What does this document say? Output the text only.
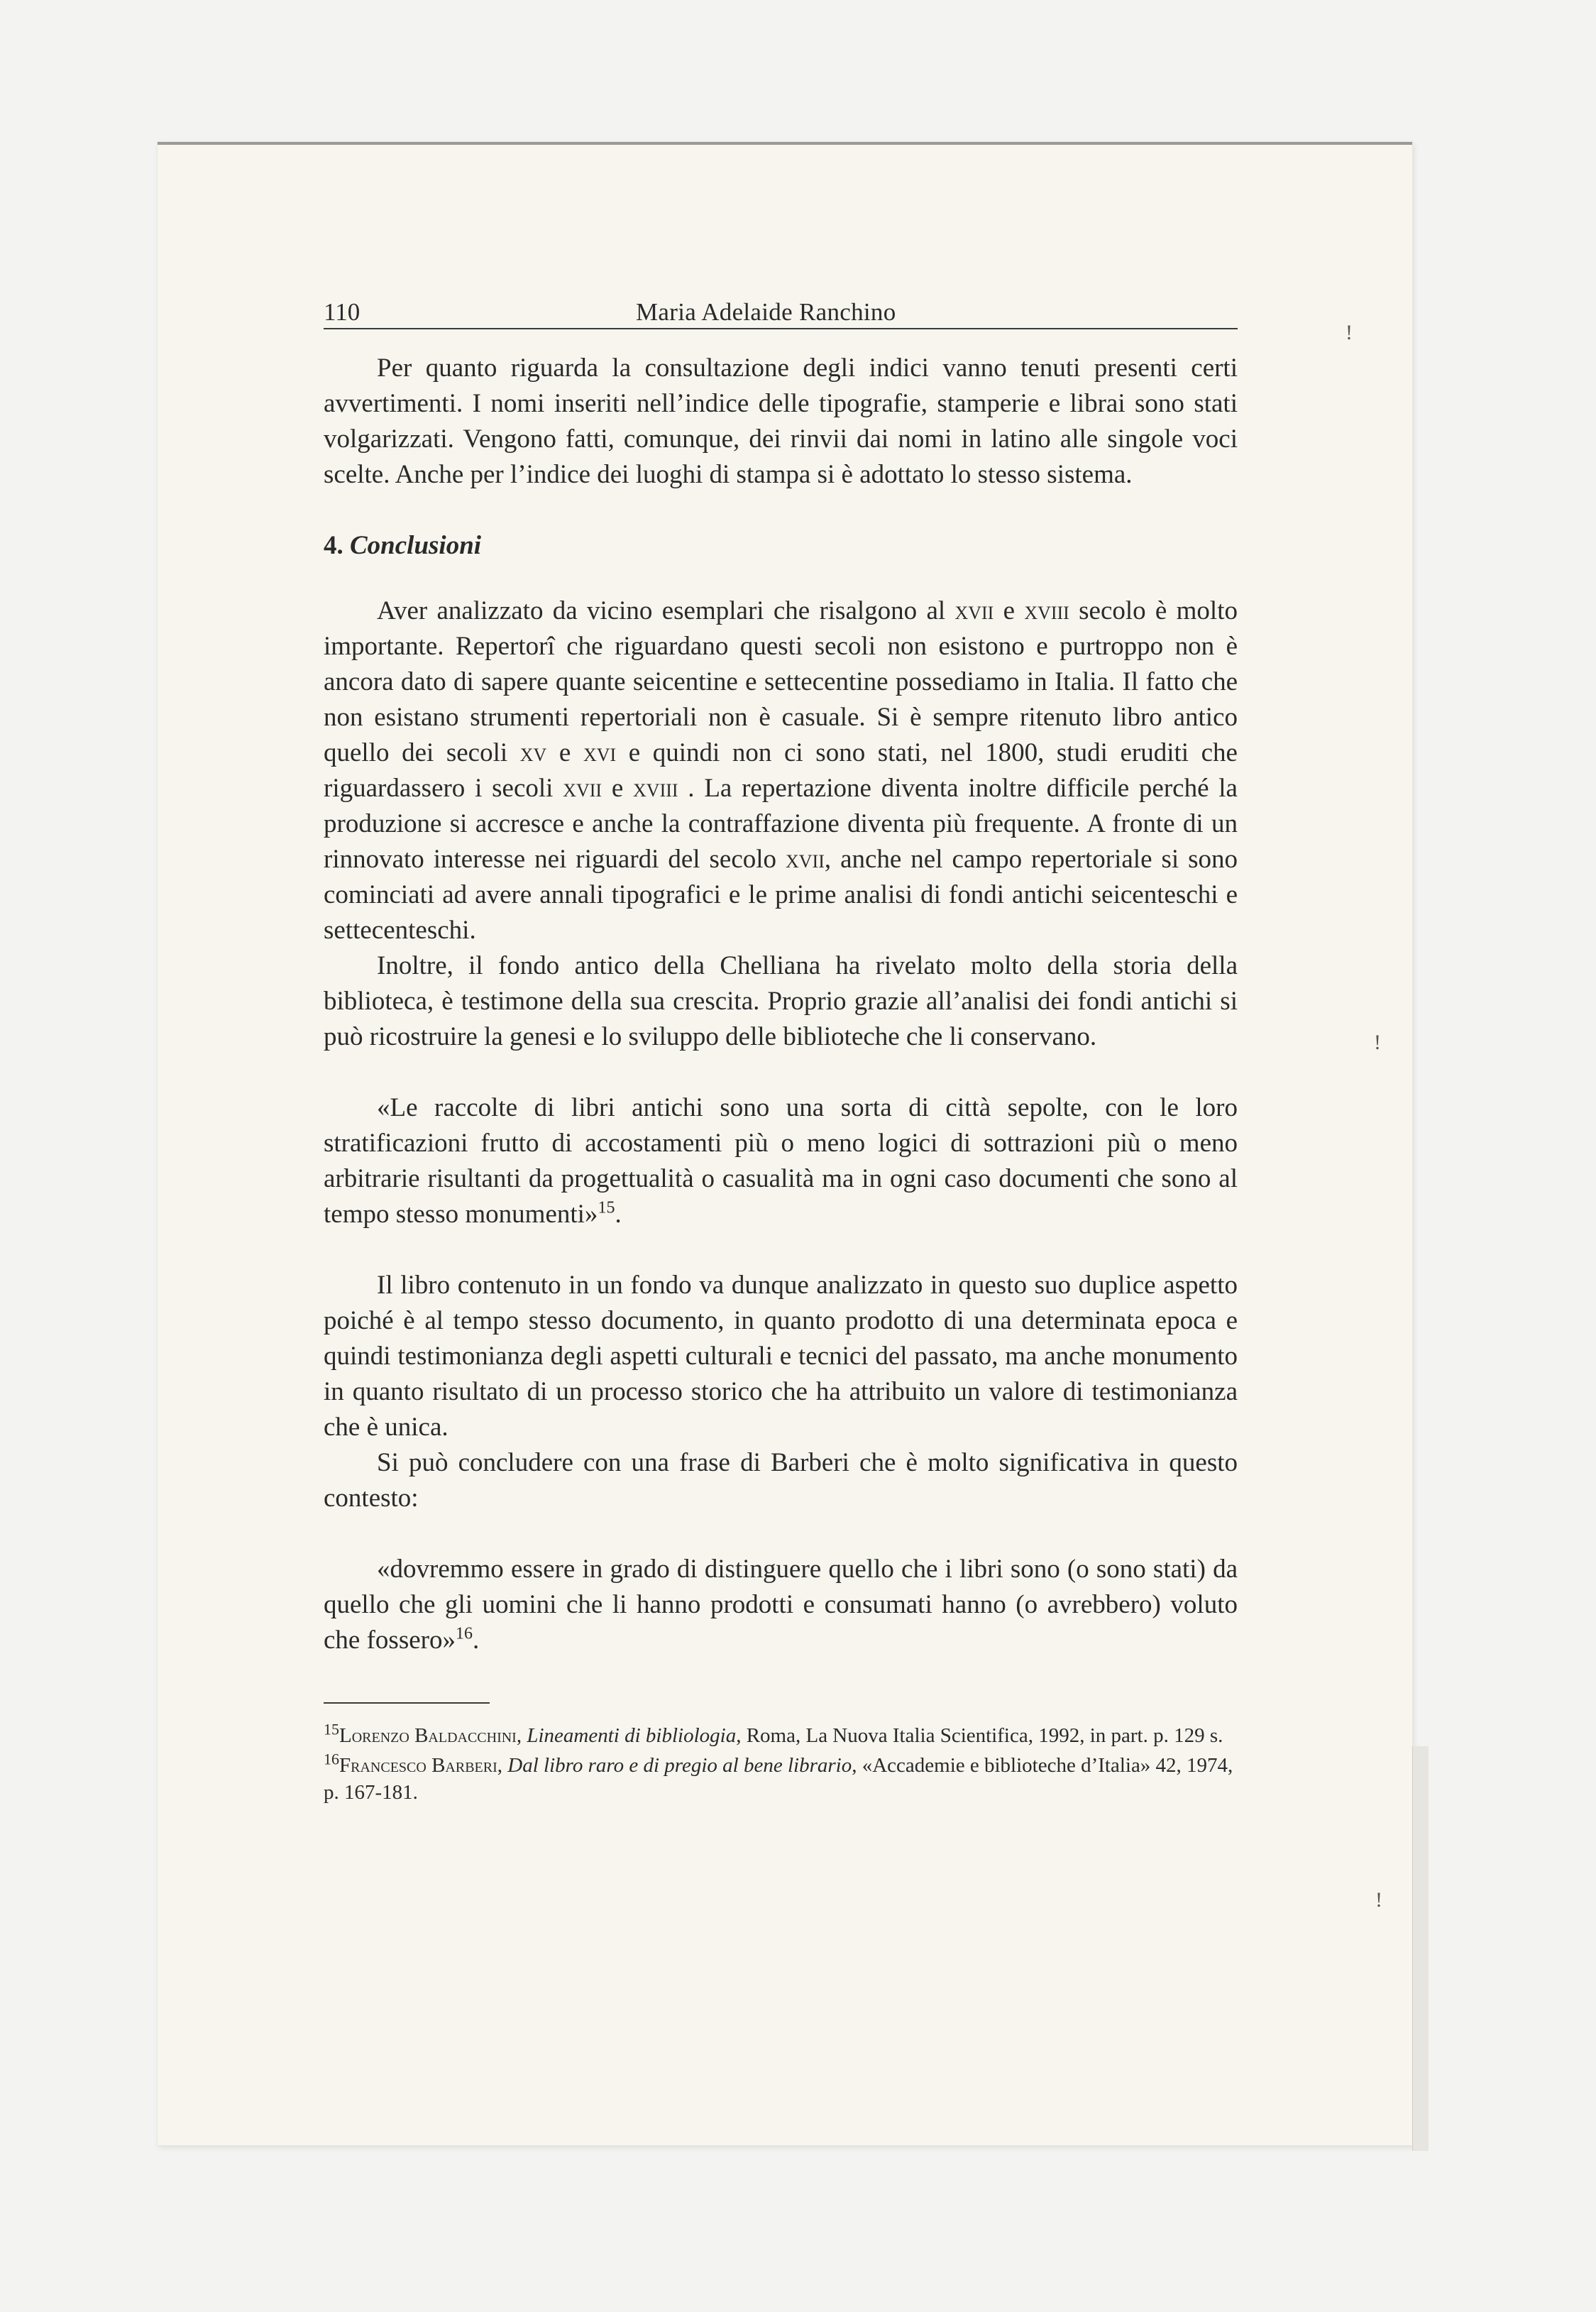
!
!
!
110	Maria Adelaide Ranchino

Per quanto riguarda la consultazione degli indici vanno tenuti presenti certi avvertimenti. I nomi inseriti nell’indice delle tipografie, stamperie e librai sono stati volgarizzati. Vengono fatti, comunque, dei rinvii dai nomi in latino alle singole voci scelte. Anche per l’indice dei luoghi di stampa si è adottato lo stesso sistema.

4. Conclusioni

Aver analizzato da vicino esemplari che risalgono al xvii e xviii secolo è molto importante. Repertorî che riguardano questi secoli non esistono e purtroppo non è ancora dato di sapere quante seicentine e settecentine possediamo in Italia. Il fatto che non esistano strumenti repertoriali non è casuale. Si è sempre ritenuto libro antico quello dei secoli xv e xvi e quindi non ci sono stati, nel 1800, studi eruditi che riguardassero i secoli xvii e xviii . La repertazione diventa inoltre difficile perché la produzione si accresce e anche la contraffazione diventa più frequente. A fronte di un rinnovato interesse nei riguardi del secolo xvii, anche nel campo repertoriale si sono cominciati ad avere annali tipografici e le prime analisi di fondi antichi seicenteschi e settecenteschi.

Inoltre, il fondo antico della Chelliana ha rivelato molto della storia della biblioteca, è testimone della sua crescita. Proprio grazie all’analisi dei fondi antichi si può ricostruire la genesi e lo sviluppo delle biblioteche che li conservano.

«Le raccolte di libri antichi sono una sorta di città sepolte, con le loro stratificazioni frutto di accostamenti più o meno logici di sottrazioni più o meno arbitrarie risultanti da progettualità o casualità ma in ogni caso documenti che sono al tempo stesso monumenti»$^{15}$.

Il libro contenuto in un fondo va dunque analizzato in questo suo duplice aspetto poiché è al tempo stesso documento, in quanto prodotto di una determinata epoca e quindi testimonianza degli aspetti culturali e tecnici del passato, ma anche monumento in quanto risultato di un processo storico che ha attribuito un valore di testimonianza che è unica.

Si può concludere con una frase di Barberi che è molto significativa in questo contesto:

«dovremmo essere in grado di distinguere quello che i libri sono (o sono stati) da quello che gli uomini che li hanno prodotti e consumati hanno (o avrebbero) voluto che fossero»$^{16}$.

$^{15}$Lorenzo Baldacchini, Lineamenti di bibliologia, Roma, La Nuova Italia Scientifica, 1992, in part. p. 129 s.

$^{16}$Francesco Barberi, Dal libro raro e di pregio al bene librario, «Accademie e biblioteche d’Italia» 42, 1974, p. 167-181.
